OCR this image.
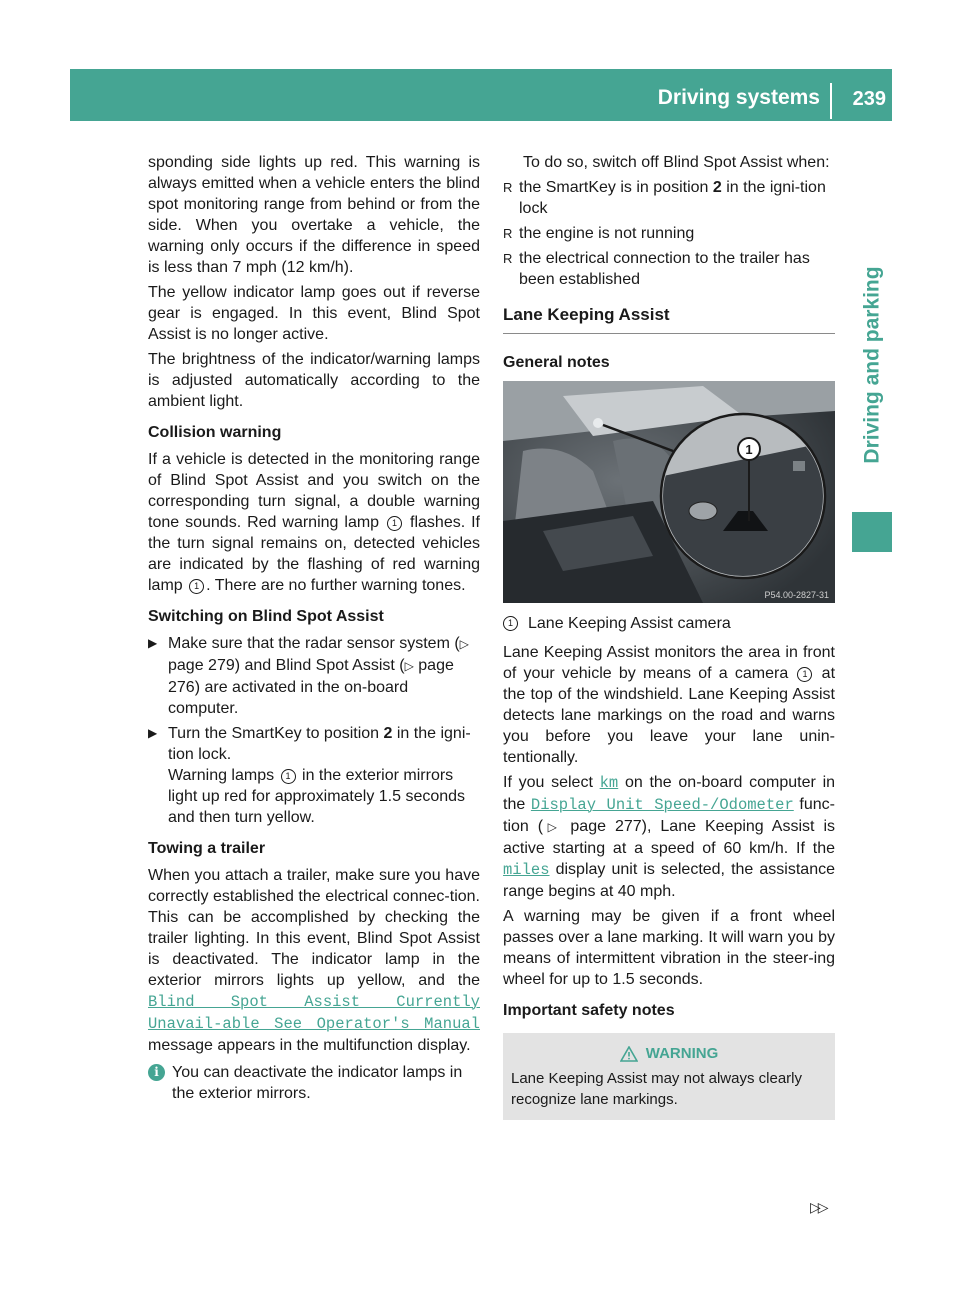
Driving systems 239
Driving and parking

sponding side lights up red. This warning is always emitted when a vehicle enters the blind spot monitoring range from behind or from the side. When you overtake a vehicle, the warning only occurs if the difference in speed is less than 7 mph (12 km/h).

The yellow indicator lamp goes out if reverse gear is engaged. In this event, Blind Spot Assist is no longer active.

The brightness of the indicator/warning lamps is adjusted automatically according to the ambient light.

Collision warning

If a vehicle is detected in the monitoring range of Blind Spot Assist and you switch on the corresponding turn signal, a double warning tone sounds. Red warning lamp 1 flashes. If the turn signal remains on, detected vehicles are indicated by the flashing of red warning lamp 1 . There are no further warning tones.

Switching on Blind Spot Assist
▶ Make sure that the radar sensor system (▷ page 279) and Blind Spot Assist (▷ page 276) are activated in the on-board computer.
▶ Turn the SmartKey to position 2 in the igni-tion lock.
Warning lamps 1 in the exterior mirrors light up red for approximately 1.5 seconds and then turn yellow.
Towing a trailer

When you attach a trailer, make sure you have correctly established the electrical connec-tion. This can be accomplished by checking the trailer lighting. In this event, Blind Spot Assist is deactivated. The indicator lamp in the exterior mirrors lights up yellow, and the Blind Spot Assist Currently Unavail‐able See Operator's Manual message appears in the multifunction display.

i You can deactivate the indicator lamps in the exterior mirrors.

To do so, switch off Blind Spot Assist when:

R the SmartKey is in position 2 in the igni-tion lock
R the engine is not running
R the electrical connection to the trailer has been established
Lane Keeping Assist
General notes
1
P54.00-2827-31
1 Lane Keeping Assist camera

Lane Keeping Assist monitors the area in front of your vehicle by means of a camera 1 at the top of the windshield. Lane Keeping Assist detects lane markings on the road and warns you before you leave your lane unin-tentionally.

If you select km on the on-board computer in the Display Unit Speed-/Odometer func-tion (▷ page 277), Lane Keeping Assist is active starting at a speed of 60 km/h. If the miles display unit is selected, the assistance range begins at 40 mph.

A warning may be given if a front wheel passes over a lane marking. It will warn you by means of intermittent vibration in the steer-ing wheel for up to 1.5 seconds.

Important safety notes
WARNING
Lane Keeping Assist may not always clearly recognize lane markings.
▷▷
